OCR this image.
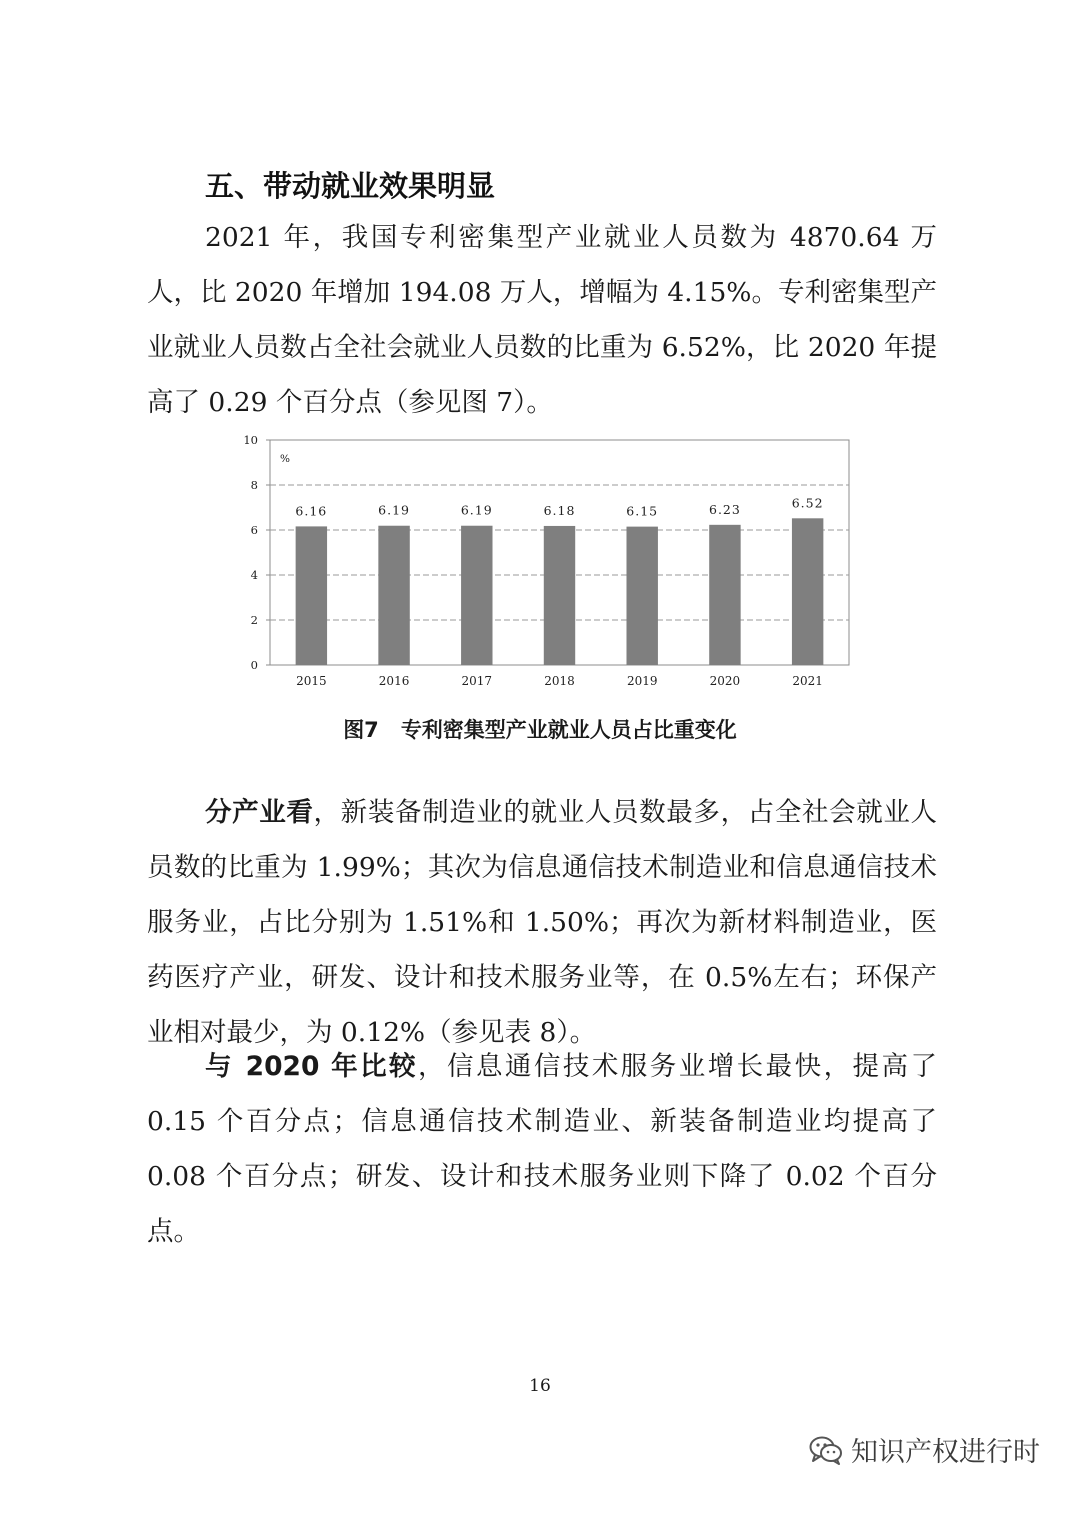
五、带动就业效果明显

2021 年，我国专利密集型产业就业人员数为 4870.64 万人，比 2020 年增加 194.08 万人，增幅为 4.15%。专利密集型产业就业人员数占全社会就业人员数的比重为 6.52%，比 2020 年提高了 0.29 个百分点（参见图 7）。

0
2
4
6
8
10
%
6.16
2015
6.19
2016
6.19
2017
6.18
2018
6.15
2019
6.23
2020
6.52
2021

图7 专利密集型产业就业人员占比重变化

分产业看，新装备制造业的就业人员数最多，占全社会就业人员数的比重为 1.99%；其次为信息通信技术制造业和信息通信技术服务业，占比分别为 1.51%和 1.50%；再次为新材料制造业，医药医疗产业，研发、设计和技术服务业等，在 0.5%左右；环保产业相对最少，为 0.12%（参见表 8）。

与 2020 年比较，信息通信技术服务业增长最快，提高了 0.15 个百分点；信息通信技术制造业、新装备制造业均提高了 0.08 个百分点；研发、设计和技术服务业则下降了 0.02 个百分点。

16
知识产权进行时
